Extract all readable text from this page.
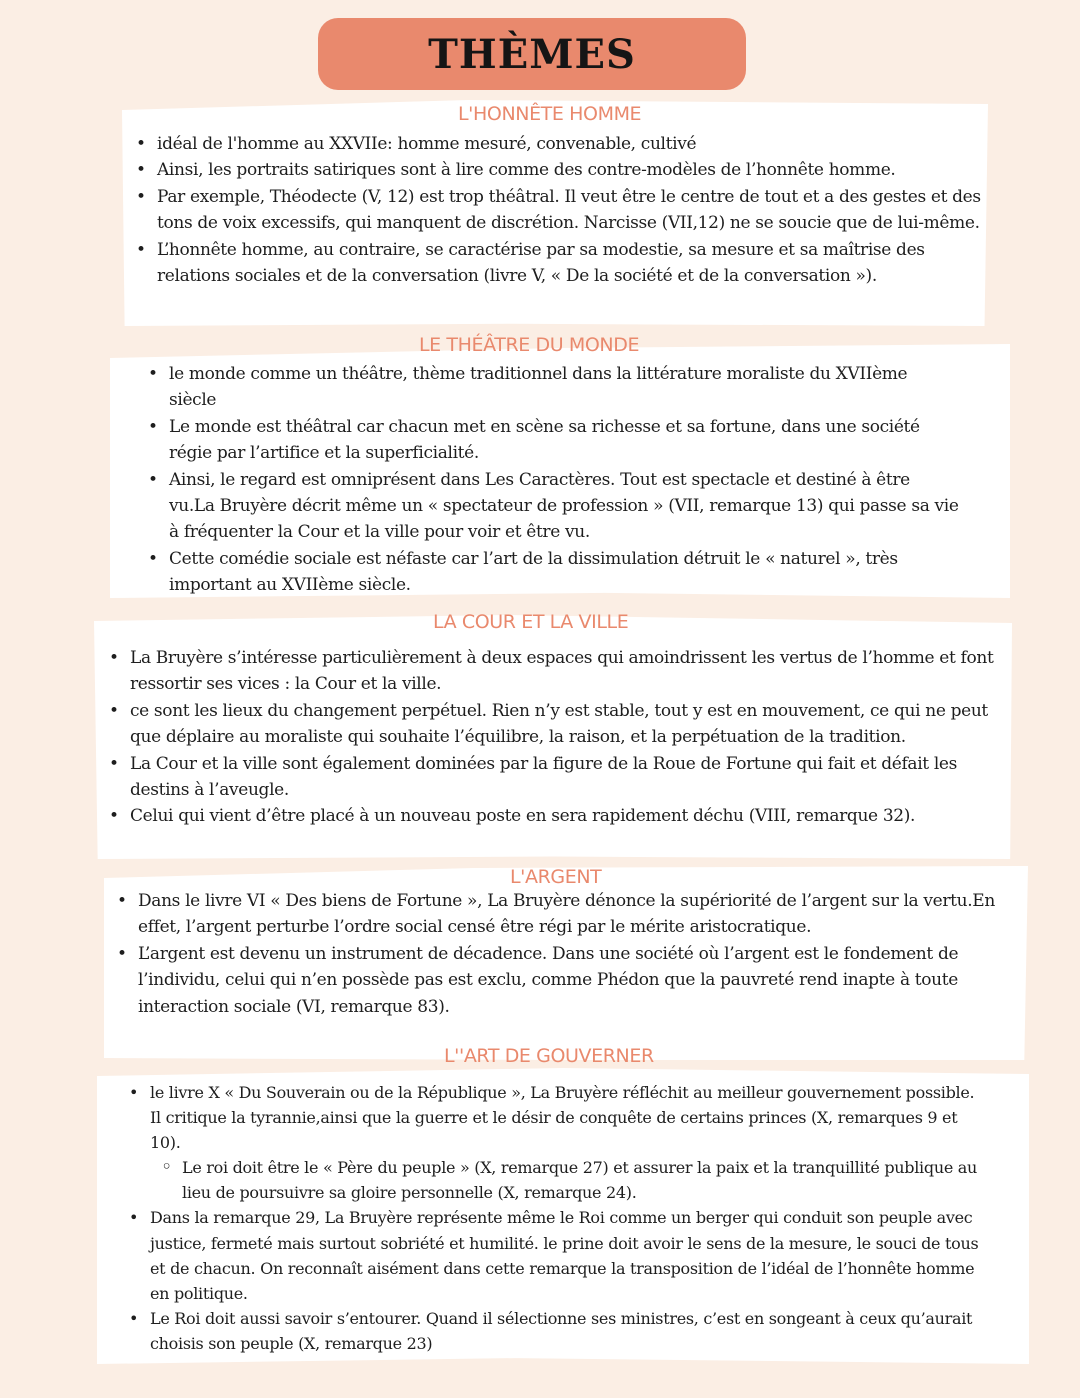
THÈMES
L'HONNÊTE HOMME
• idéal de l'homme au XXVIIe: homme mesuré, convenable, cultivé
• Ainsi, les portraits satiriques sont à lire comme des contre-modèles de l’honnête homme.
• Par exemple, Théodecte (V, 12) est trop théâtral. Il veut être le centre de tout et a des gestes et des tons de voix excessifs, qui manquent de discrétion. Narcisse (VII,12) ne se soucie que de lui-même.
• L’honnête homme, au contraire, se caractérise par sa modestie, sa mesure et sa maîtrise des relations sociales et de la conversation (livre V, « De la société et de la conversation »).
LE THÉÂTRE DU MONDE
• le monde comme un théâtre, thème traditionnel dans la littérature moraliste du XVIIème siècle
• Le monde est théâtral car chacun met en scène sa richesse et sa fortune, dans une société régie par l’artifice et la superficialité.
• Ainsi, le regard est omniprésent dans Les Caractères. Tout est spectacle et destiné à être vu.La Bruyère décrit même un « spectateur de profession » (VII, remarque 13) qui passe sa vie à fréquenter la Cour et la ville pour voir et être vu.
• Cette comédie sociale est néfaste car l’art de la dissimulation détruit le « naturel », très important au XVIIème siècle.
LA COUR ET LA VILLE
• La Bruyère s’intéresse particulièrement à deux espaces qui amoindrissent les vertus de l’homme et font ressortir ses vices : la Cour et la ville.
• ce sont les lieux du changement perpétuel. Rien n’y est stable, tout y est en mouvement, ce qui ne peut que déplaire au moraliste qui souhaite l’équilibre, la raison, et la perpétuation de la tradition.
• La Cour et la ville sont également dominées par la figure de la Roue de Fortune qui fait et défait les destins à l’aveugle.
• Celui qui vient d’être placé à un nouveau poste en sera rapidement déchu (VIII, remarque 32).
L'ARGENT
• Dans le livre VI « Des biens de Fortune », La Bruyère dénonce la supériorité de l’argent sur la vertu.En effet, l’argent perturbe l’ordre social censé être régi par le mérite aristocratique.
• L’argent est devenu un instrument de décadence. Dans une société où l’argent est le fondement de l’individu, celui qui n’en possède pas est exclu, comme Phédon que la pauvreté rend inapte à toute interaction sociale (VI, remarque 83).
L''ART DE GOUVERNER
• le livre X « Du Souverain ou de la République », La Bruyère réfléchit au meilleur gouvernement possible. Il critique la tyrannie,ainsi que la guerre et le désir de conquête de certains princes (X, remarques 9 et 10).
◦ Le roi doit être le « Père du peuple » (X, remarque 27) et assurer la paix et la tranquillité publique au lieu de poursuivre sa gloire personnelle (X, remarque 24).
• Dans la remarque 29, La Bruyère représente même le Roi comme un berger qui conduit son peuple avec justice, fermeté mais surtout sobriété et humilité. le prine doit avoir le sens de la mesure, le souci de tous et de chacun. On reconnaît aisément dans cette remarque la transposition de l’idéal de l’honnête homme en politique.
• Le Roi doit aussi savoir s’entourer. Quand il sélectionne ses ministres, c’est en songeant à ceux qu’aurait choisis son peuple (X, remarque 23)
